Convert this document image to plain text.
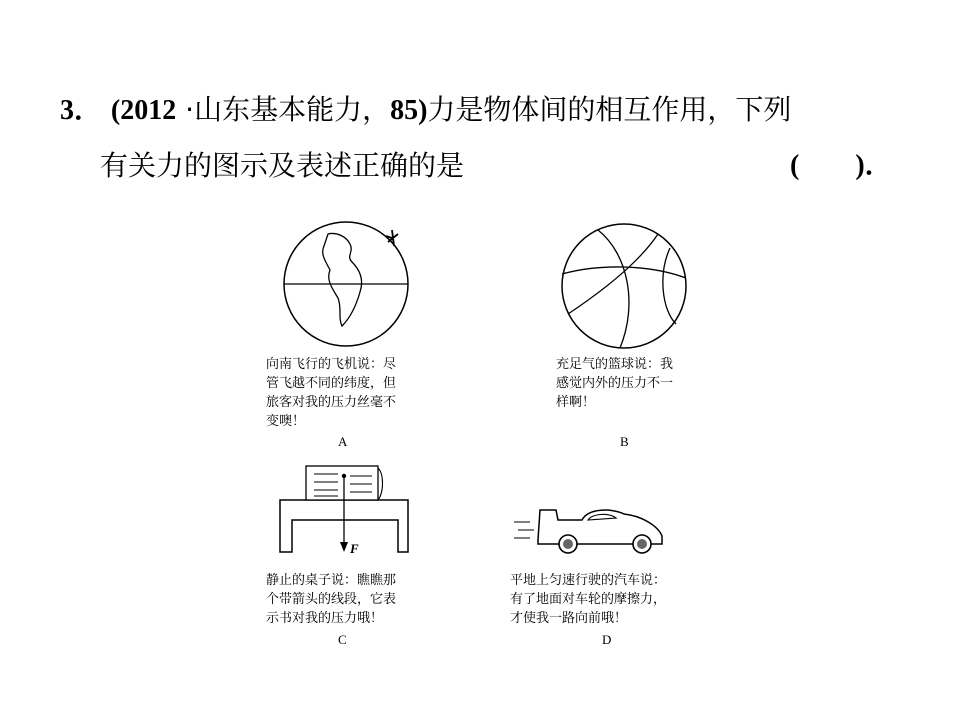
3． (2012 ·山东基本能力，85)力是物体间的相互作用，下列
有关力的图示及表述正确的是	(　　)．
向南飞行的飞机说：尽
管飞越不同的纬度，但
旅客对我的压力丝毫不
变噢！
A
充足气的篮球说：我
感觉内外的压力不一
样啊！
B
F
静止的桌子说：瞧瞧那
个带箭头的线段，它表
示书对我的压力哦！
C
平地上匀速行驶的汽车说：
有了地面对车轮的摩擦力，
才使我一路向前哦！
D
